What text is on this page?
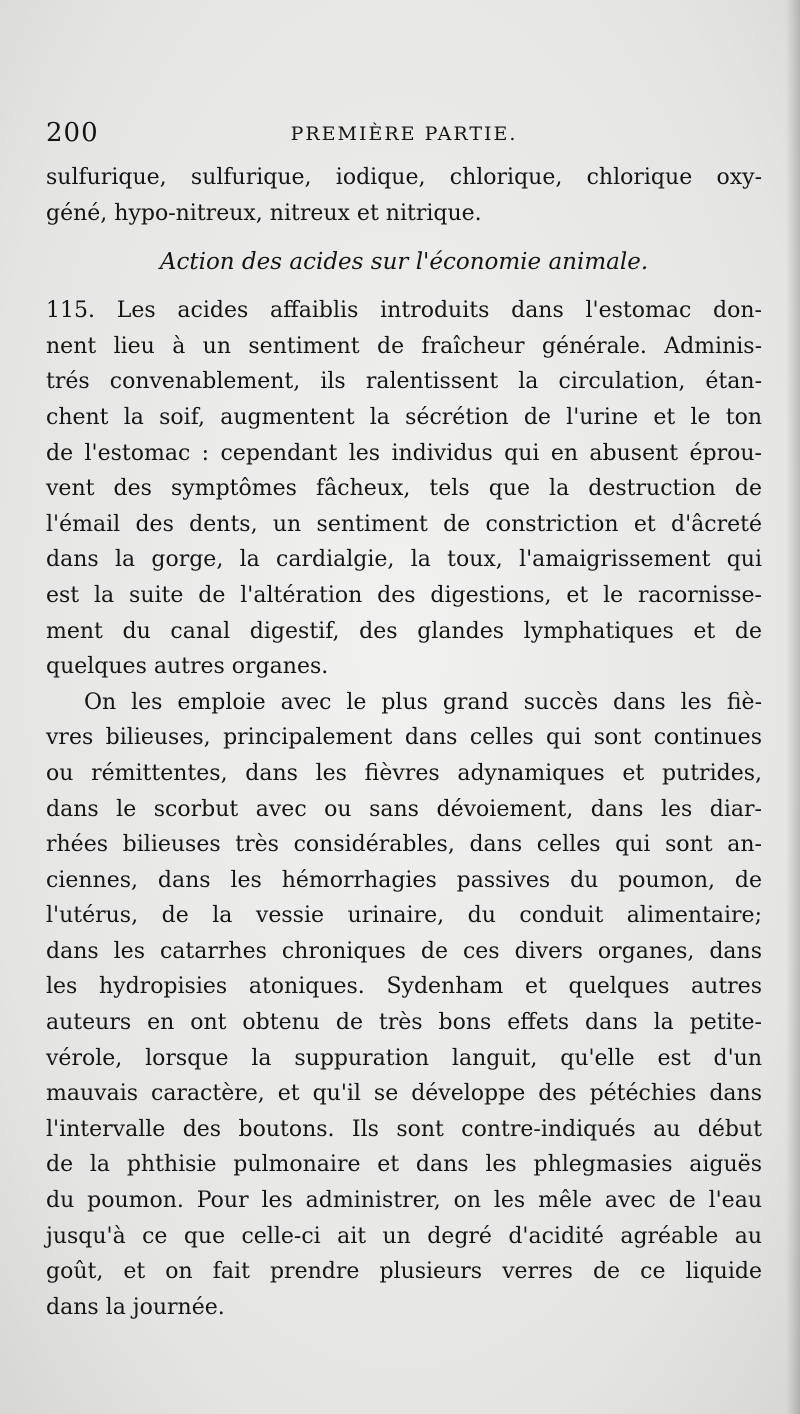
200	PREMIÈRE PARTIE.
sulfurique, sulfurique, iodique, chlorique, chlorique oxy-
géné, hypo-nitreux, nitreux et nitrique.
Action des acides sur l'économie animale.
115. Les acides affaiblis introduits dans l'estomac don-
nent lieu à un sentiment de fraîcheur générale. Adminis-
trés convenablement, ils ralentissent la circulation, étan-
chent la soif, augmentent la sécrétion de l'urine et le ton
de l'estomac : cependant les individus qui en abusent éprou-
vent des symptômes fâcheux, tels que la destruction de
l'émail des dents, un sentiment de constriction et d'âcreté
dans la gorge, la cardialgie, la toux, l'amaigrissement qui
est la suite de l'altération des digestions, et le racornisse-
ment du canal digestif, des glandes lymphatiques et de
quelques autres organes.
On les emploie avec le plus grand succès dans les fiè-
vres bilieuses, principalement dans celles qui sont continues
ou rémittentes, dans les fièvres adynamiques et putrides,
dans le scorbut avec ou sans dévoiement, dans les diar-
rhées bilieuses très considérables, dans celles qui sont an-
ciennes, dans les hémorrhagies passives du poumon, de
l'utérus, de la vessie urinaire, du conduit alimentaire;
dans les catarrhes chroniques de ces divers organes, dans
les hydropisies atoniques. Sydenham et quelques autres
auteurs en ont obtenu de très bons effets dans la petite-
vérole, lorsque la suppuration languit, qu'elle est d'un
mauvais caractère, et qu'il se développe des pétéchies dans
l'intervalle des boutons. Ils sont contre-indiqués au début
de la phthisie pulmonaire et dans les phlegmasies aiguës
du poumon. Pour les administrer, on les mêle avec de l'eau
jusqu'à ce que celle-ci ait un degré d'acidité agréable au
goût, et on fait prendre plusieurs verres de ce liquide
dans la journée.
